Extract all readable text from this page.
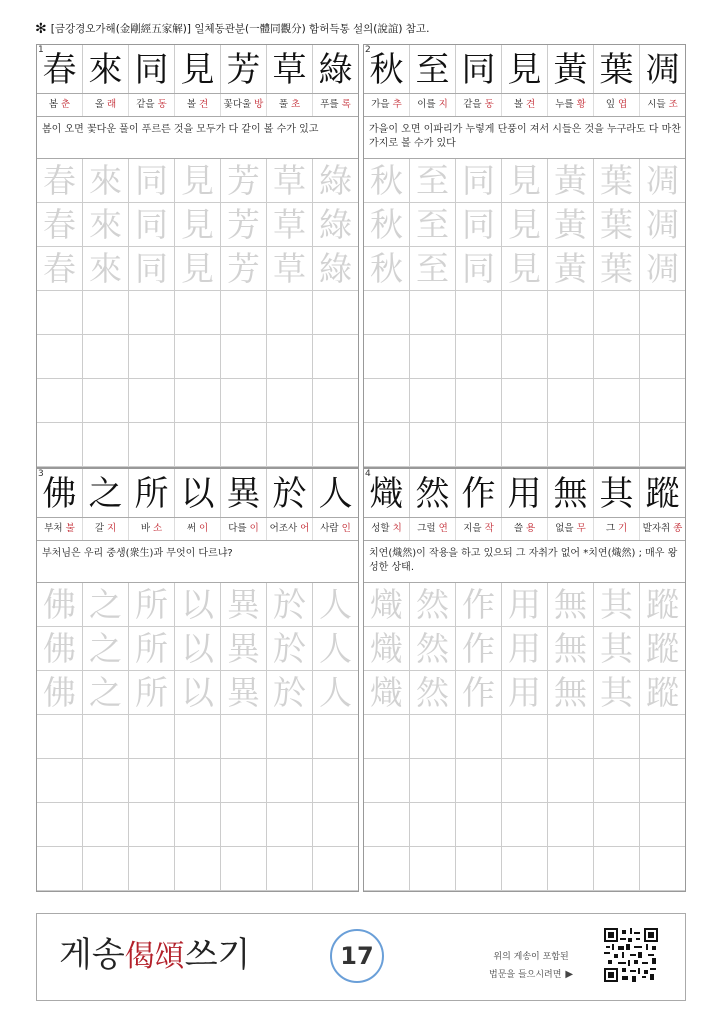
✻ [금강경오가해(金剛經五家解)] 일체동관분(一體同觀分) 함허득통 설의(說誼) 참고.
1
春 來 同 見 芳 草 綠
봄 춘	올 래	같을 동	볼 견	꽃다울 방	풀 초	푸를 록
봄이 오면 꽃다운 풀이 푸르른 것을 모두가 다 같이 볼 수가 있고
春 來 同 見 芳 草 綠
春 來 同 見 芳 草 綠
春 來 同 見 芳 草 綠
2
秋 至 同 見 黃 葉 凋
가을 추	이를 지	같을 동	볼 견	누를 황	잎 엽	시들 조
가을이 오면 이파리가 누렇게 단풍이 져서 시들은 것을 누구라도 다 마찬가지로 볼 수가 있다
秋 至 同 見 黃 葉 凋
秋 至 同 見 黃 葉 凋
秋 至 同 見 黃 葉 凋
3
佛 之 所 以 異 於 人
부처 불	갈 지	바 소	써 이	다를 이	어조사 어	사람 인
부처님은 우리 중생(衆生)과 무엇이 다르냐?
佛 之 所 以 異 於 人
佛 之 所 以 異 於 人
佛 之 所 以 異 於 人
4
熾 然 作 用 無 其 蹤
성할 치	그럴 연	지을 작	쓸 용	없을 무	그 기	발자취 종
치연(熾然)이 작용을 하고 있으되 그 자취가 없어 *치연(熾然) ; 매우 왕성한 상태.
熾 然 作 用 無 其 蹤
熾 然 作 用 無 其 蹤
熾 然 作 用 無 其 蹤
게송偈頌쓰기	17	위의 게송이 포함된
법문을 들으시려면 ▶
